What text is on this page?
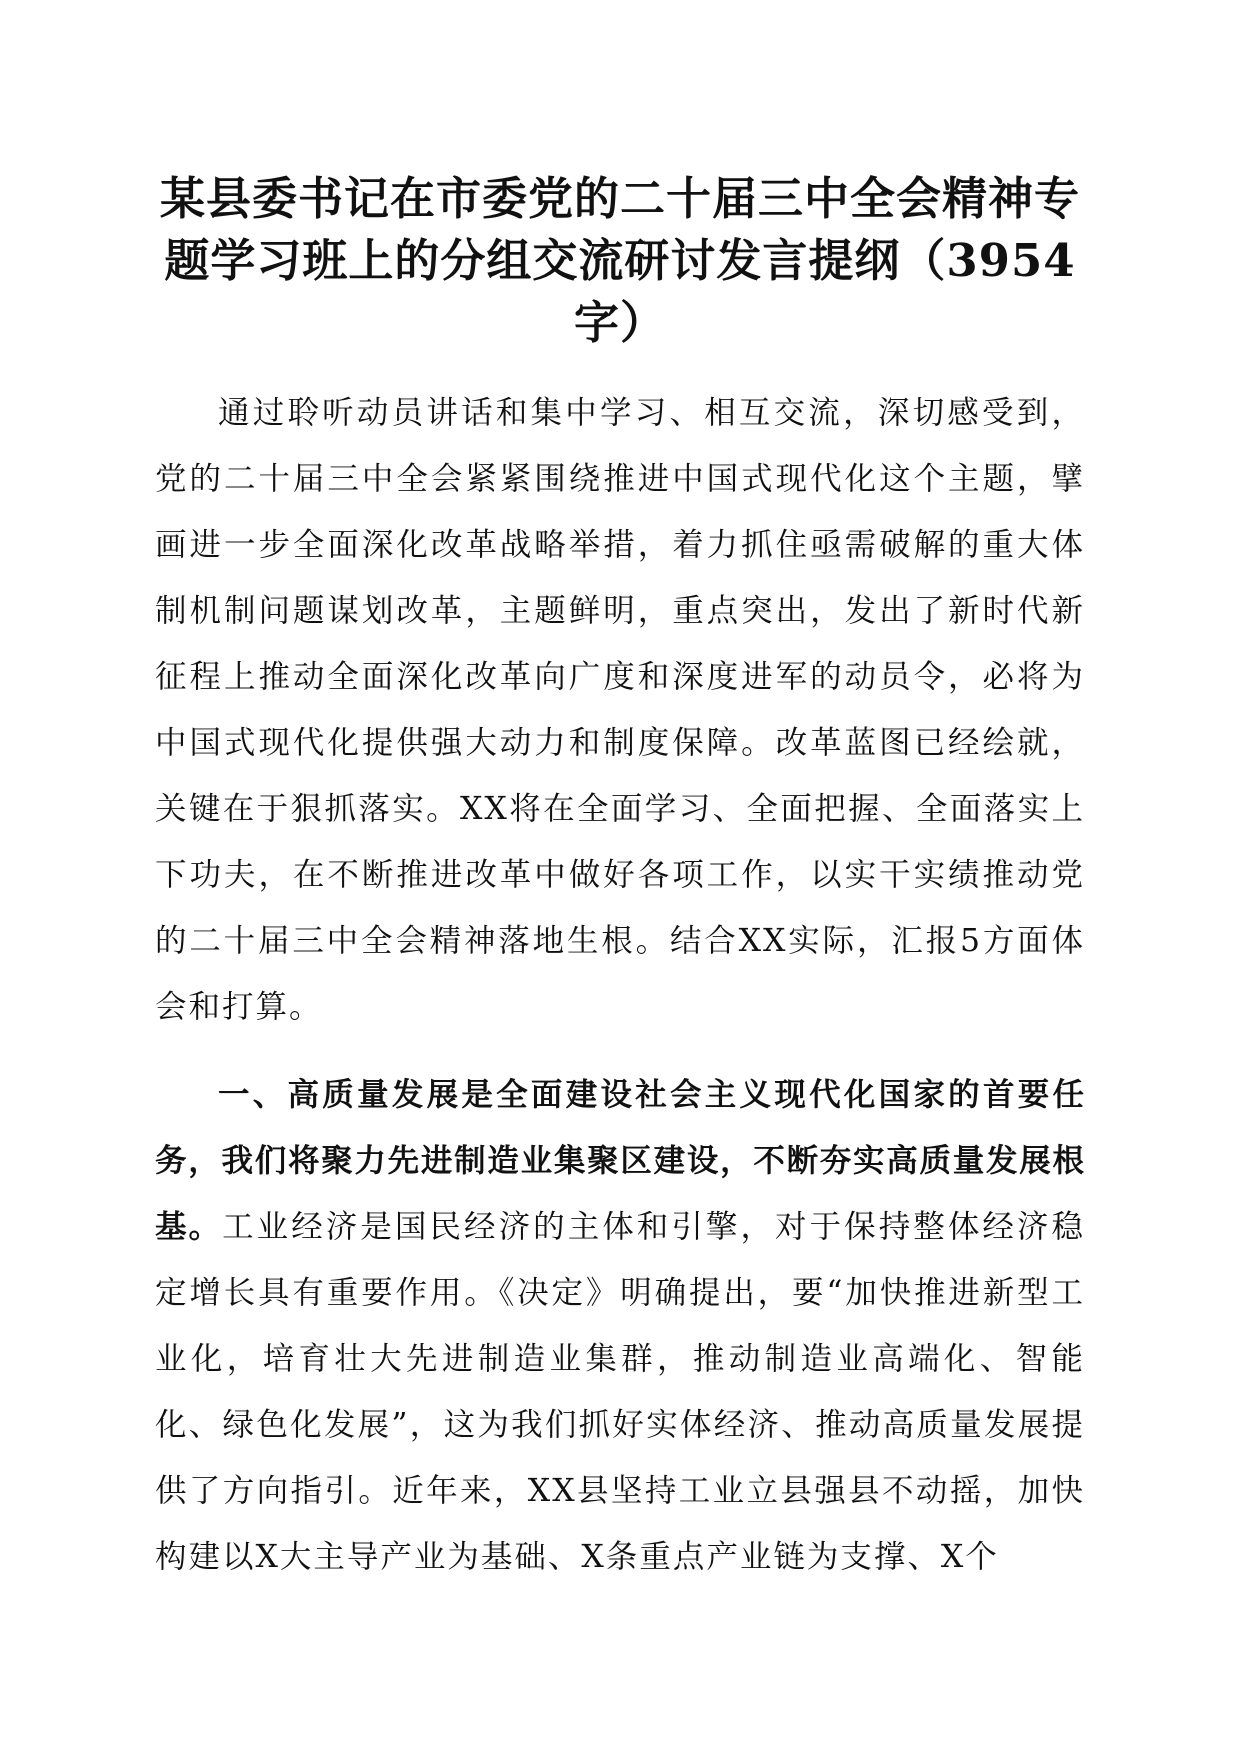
某县委书记在市委党的二十届三中全会精神专题学习班上的分组交流研讨发言提纲（3954字）

通过聆听动员讲话和集中学习、相互交流，深切感受到，党的二十届三中全会紧紧围绕推进中国式现代化这个主题，擘画进一步全面深化改革战略举措，着力抓住亟需破解的重大体制机制问题谋划改革，主题鲜明，重点突出，发出了新时代新征程上推动全面深化改革向广度和深度进军的动员令，必将为中国式现代化提供强大动力和制度保障。改革蓝图已经绘就，关键在于狠抓落实。XX将在全面学习、全面把握、全面落实上下功夫，在不断推进改革中做好各项工作，以实干实绩推动党的二十届三中全会精神落地生根。结合XX实际，汇报5方面体会和打算。

一、高质量发展是全面建设社会主义现代化国家的首要任务，我们将聚力先进制造业集聚区建设，不断夯实高质量发展根基。工业经济是国民经济的主体和引擎，对于保持整体经济稳定增长具有重要作用。《决定》明确提出，要“加快推进新型工业化，培育壮大先进制造业集群，推动制造业高端化、智能化、绿色化发展”，这为我们抓好实体经济、推动高质量发展提供了方向指引。近年来，XX县坚持工业立县强县不动摇，加快构建以X大主导产业为基础、X条重点产业链为支撑、X个
